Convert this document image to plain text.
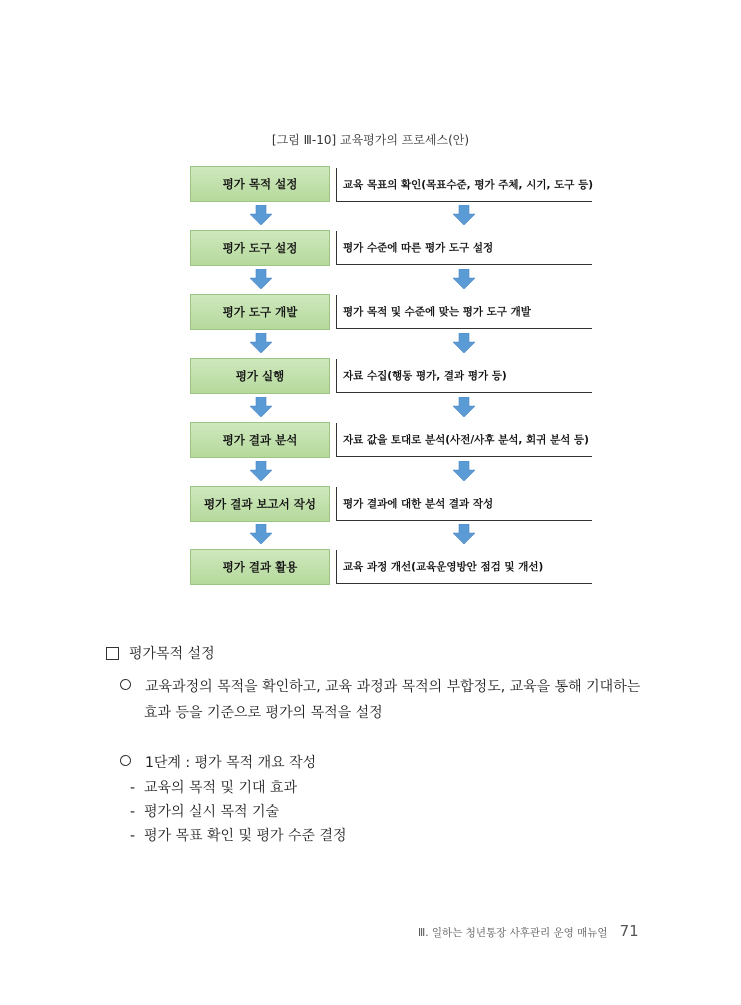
[그림 Ⅲ-10] 교육평가의 프로세스(안)
평가 목적 설정	교육 목표의 확인(목표수준, 평가 주체, 시기, 도구 등)
평가 도구 설정	평가 수준에 따른 평가 도구 설정
평가 도구 개발	평가 목적 및 수준에 맞는 평가 도구 개발
평가 실행	자료 수집(행동 평가, 결과 평가 등)
평가 결과 분석	자료 값을 토대로 분석(사전/사후 분석, 회귀 분석 등)
평가 결과 보고서 작성	평가 결과에 대한 분석 결과 작성
평가 결과 활용	교육 과정 개선(교육운영방안 점검 및 개선)
평가목적 설정
교육과정의 목적을 확인하고, 교육 과정과 목적의 부합정도, 교육을 통해 기대하는
효과 등을 기준으로 평가의 목적을 설정
1단계 : 평가 목적 개요 작성
- 교육의 목적 및 기대 효과
- 평가의 실시 목적 기술
- 평가 목표 확인 및 평가 수준 결정
Ⅲ. 일하는 청년통장 사후관리 운영 매뉴얼 71
